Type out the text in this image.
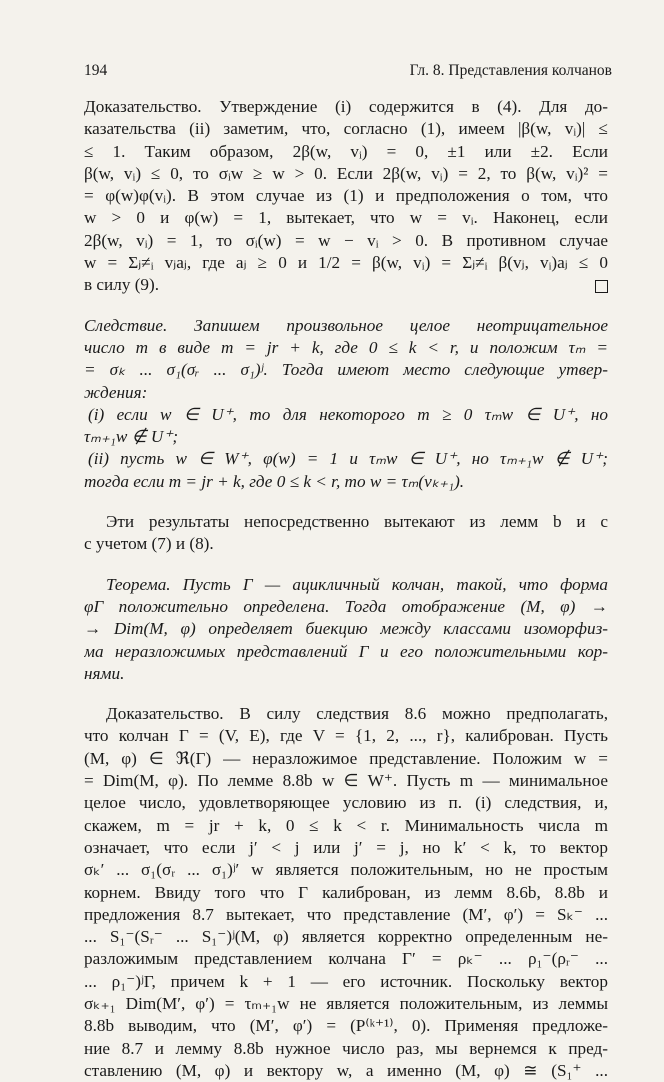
194	Гл. 8. Представления колчанов
Доказательство. Утверждение (i) содержится в (4). Для до-
казательства (ii) заметим, что, согласно (1), имеем |β(w, vᵢ)| ≤
≤ 1. Таким образом, 2β(w, vᵢ) = 0, ±1 или ±2. Если
β(w, vᵢ) ≤ 0, то σᵢw ≥ w > 0. Если 2β(w, vᵢ) = 2, то β(w, vᵢ)² =
= φ(w)φ(vᵢ). В этом случае из (1) и предположения о том, что
w > 0 и φ(w) = 1, вытекает, что w = vᵢ. Наконец, если
2β(w, vᵢ) = 1, то σᵢ(w) = w − vᵢ > 0. В противном случае
w = Σⱼ≠ᵢ vⱼaⱼ, где aⱼ ≥ 0 и 1/2 = β(w, vᵢ) = Σⱼ≠ᵢ β(vⱼ, vᵢ)aⱼ ≤ 0
в силу (9).
Следствие. Запишем произвольное целое неотрицательное
число m в виде m = jr + k, где 0 ≤ k < r, и положим τₘ =
= σₖ ... σ₁(σᵣ ... σ₁)ʲ. Тогда имеют место следующие утвер-
ждения:
(i) если w ∈ U⁺, то для некоторого m ≥ 0 τₘw ∈ U⁺, но
τₘ₊₁w ∉ U⁺;
(ii) пусть w ∈ W⁺, φ(w) = 1 и τₘw ∈ U⁺, но τₘ₊₁w ∉ U⁺;
тогда если m = jr + k, где 0 ≤ k < r, то w = τₘ(vₖ₊₁).
Эти результаты непосредственно вытекают из лемм b и с
с учетом (7) и (8).
Теорема. Пусть Γ — ацикличный колчан, такой, что форма
φΓ положительно определена. Тогда отображение (M, φ) →
→ Dim(M, φ) определяет биекцию между классами изоморфиз-
ма неразложимых представлений Γ и его положительными кор-
нями.
Доказательство. В силу следствия 8.6 можно предполагать,
что колчан Γ = (V, E), где V = {1, 2, ..., r}, калиброван. Пусть
(M, φ) ∈ ℜ(Γ) — неразложимое представление. Положим w =
= Dim(M, φ). По лемме 8.8b w ∈ W⁺. Пусть m — минимальное
целое число, удовлетворяющее условию из п. (i) следствия, и,
скажем, m = jr + k, 0 ≤ k < r. Минимальность числа m
означает, что если j′ < j или j′ = j, но k′ < k, то вектор
σₖ′ ... σ₁(σᵣ ... σ₁)ʲ′ w является положительным, но не простым
корнем. Ввиду того что Γ калиброван, из лемм 8.6b, 8.8b и
предложения 8.7 вытекает, что представление (M′, φ′) = Sₖ⁻ ...
... S₁⁻(Sᵣ⁻ ... S₁⁻)ʲ(M, φ) является корректно определенным не-
разложимым представлением колчана Γ′ = ρₖ⁻ ... ρ₁⁻(ρᵣ⁻ ...
... ρ₁⁻)ʲΓ, причем k + 1 — его источник. Поскольку вектор
σₖ₊₁ Dim(M′, φ′) = τₘ₊₁w не является положительным, из леммы
8.8b выводим, что (M′, φ′) = (P⁽ᵏ⁺¹⁾, 0). Применяя предложе-
ние 8.7 и лемму 8.8b нужное число раз, мы вернемся к пред-
ставлению (M, φ) и вектору w, а именно (M, φ) ≅ (S₁⁺ ...
